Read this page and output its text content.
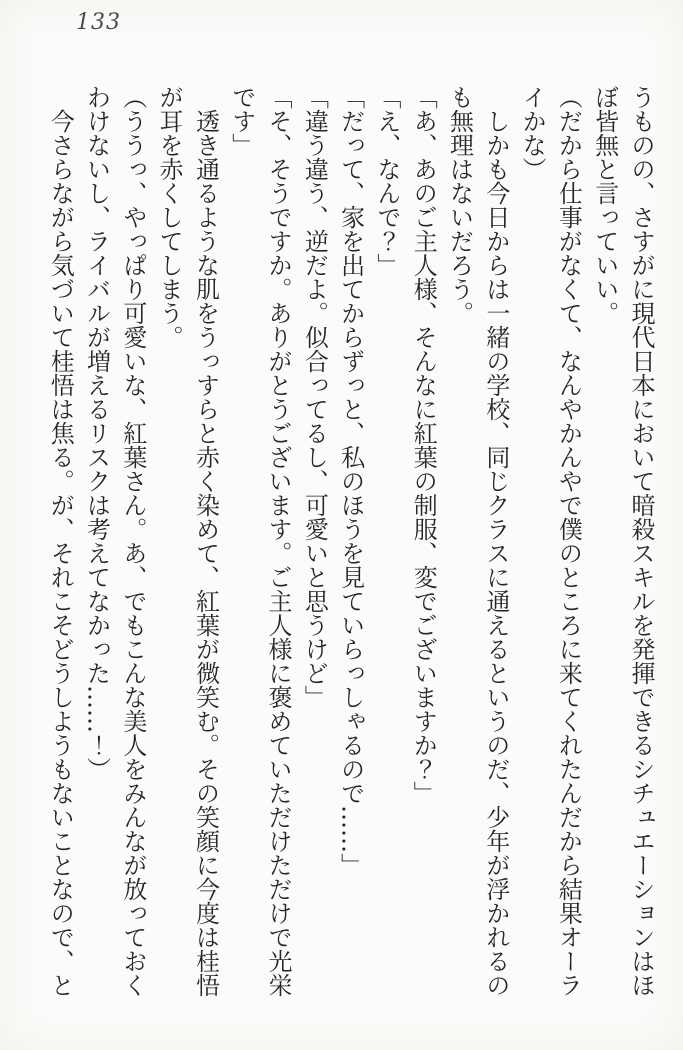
133

うものの、さすがに現代日本において暗殺スキルを発揮できるシチュエーションはほぼ皆無と言っていい。

（だから仕事がなくて、なんやかんやで僕のところに来てくれたんだから結果オーライかな）

しかも今日からは一緒の学校、同じクラスに通えるというのだ、少年が浮かれるのも無理はないだろう。

「あ、あのご主人様、そんなに紅葉の制服、変でございますか？」

「え、なんで？」

「だって、家を出てからずっと、私のほうを見ていらっしゃるので……」

「違う違う、逆だよ。似合ってるし、可愛いと思うけど」

「そ、そうですか。ありがとうございます。ご主人様に褒めていただけただけで光栄です」

透き通るような肌をうっすらと赤く染めて、紅葉が微笑む。その笑顔に今度は桂悟が耳を赤くしてしまう。

（ううっ、やっぱり可愛いな、紅葉さん。あ、でもこんな美人をみんなが放っておくわけないし、ライバルが増えるリスクは考えてなかった……！）

今さらながら気づいて桂悟は焦る。が、それこそどうしようもないことなので、と
